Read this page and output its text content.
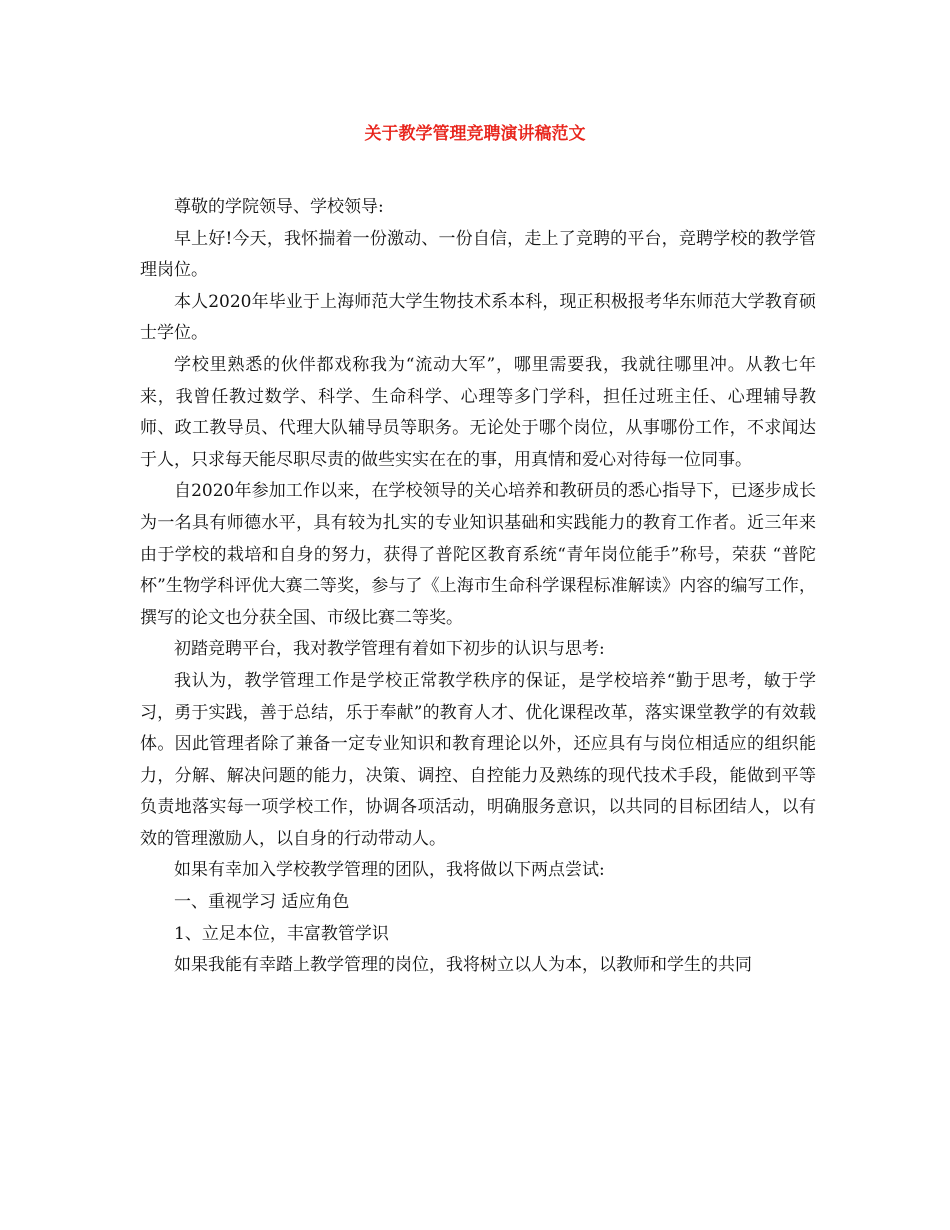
关于教学管理竞聘演讲稿范文

尊敬的学院领导、学校领导:

早上好!今天，我怀揣着一份激动、一份自信，走上了竞聘的平台，竞聘学校的教学管理岗位。

本人2020年毕业于上海师范大学生物技术系本科，现正积极报考华东师范大学教育硕士学位。

学校里熟悉的伙伴都戏称我为“流动大军”，哪里需要我，我就往哪里冲。从教七年来，我曾任教过数学、科学、生命科学、心理等多门学科，担任过班主任、心理辅导教师、政工教导员、代理大队辅导员等职务。无论处于哪个岗位，从事哪份工作，不求闻达于人，只求每天能尽职尽责的做些实实在在的事，用真情和爱心对待每一位同事。

自2020年参加工作以来，在学校领导的关心培养和教研员的悉心指导下，已逐步成长为一名具有师德水平，具有较为扎实的专业知识基础和实践能力的教育工作者。近三年来由于学校的栽培和自身的努力，获得了普陀区教育系统“青年岗位能手”称号，荣获 “普陀杯”生物学科评优大赛二等奖，参与了《上海市生命科学课程标准解读》内容的编写工作，撰写的论文也分获全国、市级比赛二等奖。

初踏竞聘平台，我对教学管理有着如下初步的认识与思考:

我认为，教学管理工作是学校正常教学秩序的保证，是学校培养“勤于思考，敏于学习，勇于实践，善于总结，乐于奉献”的教育人才、优化课程改革，落实课堂教学的有效载体。因此管理者除了兼备一定专业知识和教育理论以外，还应具有与岗位相适应的组织能力，分解、解决问题的能力，决策、调控、自控能力及熟练的现代技术手段，能做到平等负责地落实每一项学校工作，协调各项活动，明确服务意识，以共同的目标团结人，以有效的管理激励人，以自身的行动带动人。

如果有幸加入学校教学管理的团队，我将做以下两点尝试:

一、重视学习 适应角色

1、立足本位，丰富教管学识

如果我能有幸踏上教学管理的岗位，我将树立以人为本，以教师和学生的共同
